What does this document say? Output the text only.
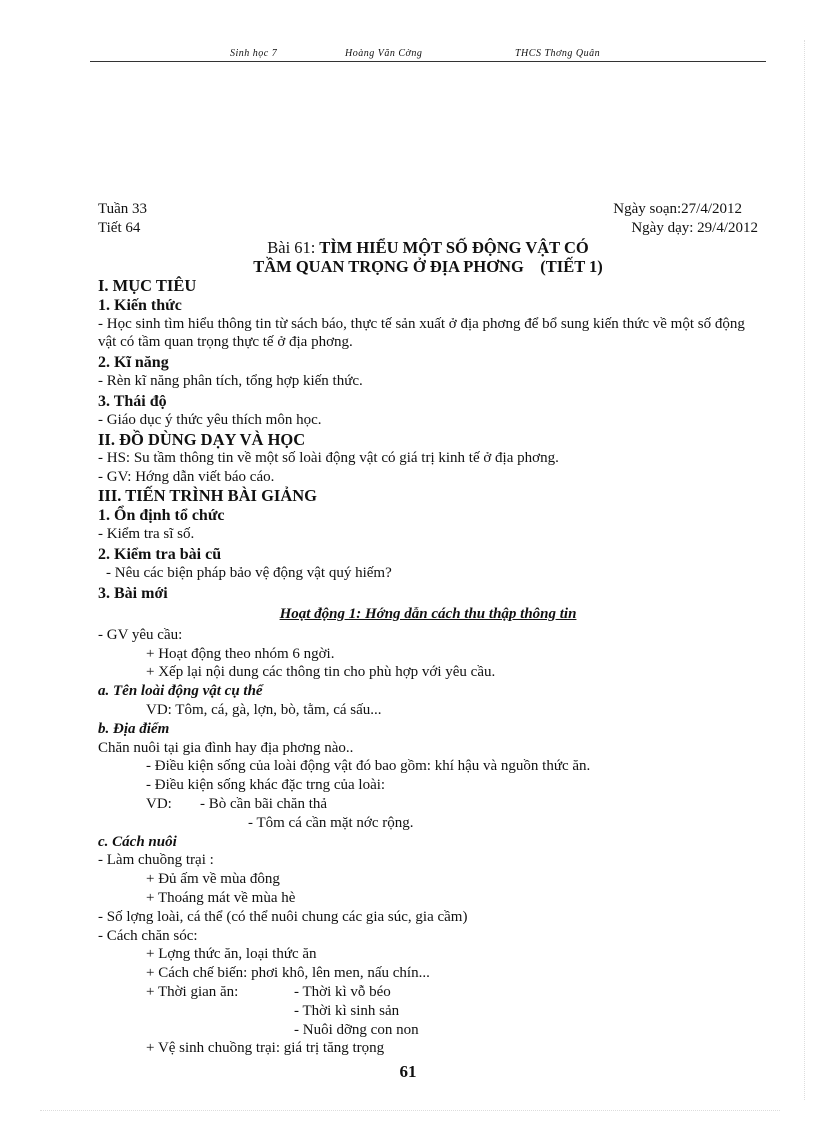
Sinh học 7	Hoàng Văn Cờng	THCS Thơng Quân
Tuần 33	Ngày soạn:27/4/2012
Tiết 64	Ngày dạy: 29/4/2012
Bài 61: TÌM HIỂU MỘT SỐ ĐỘNG VẬT CÓ
TẦM QUAN TRỌNG Ở ĐỊA PHƠNG    (TIẾT 1)
I. MỤC TIÊU
1. Kiến thức
- Học sinh tìm hiểu thông tin từ sách báo, thực tế sản xuất ở địa phơng để bổ sung kiến thức về một số động vật có tầm quan trọng thực tế ở địa phơng.
2. Kĩ năng
- Rèn kĩ năng phân tích, tổng hợp kiến thức.
3. Thái độ
- Giáo dục ý thức yêu thích môn học.
II. ĐỒ DÙNG DẠY VÀ HỌC
- HS: Su tầm thông tin về một số loài động vật có giá trị kinh tế ở địa phơng.
- GV: Hớng dẫn viết báo cáo.
III. TIẾN TRÌNH BÀI GIẢNG
1. Ổn định tổ chức
- Kiểm tra sĩ số.
2. Kiểm tra bài cũ
- Nêu các biện pháp bảo vệ động vật quý hiếm?
3. Bài mới
Hoạt động 1: Hớng dẫn cách thu thập thông tin
- GV yêu cầu:
+ Hoạt động theo nhóm 6 ngời.
+ Xếp lại nội dung các thông tin cho phù hợp với yêu cầu.
a. Tên loài động vật cụ thể
VD: Tôm, cá, gà, lợn, bò, tằm, cá sấu...
b. Địa điểm
Chăn nuôi tại gia đình hay địa phơng nào..
- Điều kiện sống của loài động vật đó bao gồm: khí hậu và nguồn thức ăn.
- Điều kiện sống khác đặc trng của loài:
VD:	- Bò cần bãi chăn thả
- Tôm cá cần mặt nớc rộng.
c. Cách nuôi
- Làm chuồng trại :
+ Đủ ấm về mùa đông
+ Thoáng mát về mùa hè
- Số lợng loài, cá thể (có thể nuôi chung các gia súc, gia cầm)
- Cách chăn sóc:
+ Lợng thức ăn, loại thức ăn
+ Cách chế biến: phơi khô, lên men, nấu chín...
+ Thời gian ăn:	- Thời kì vỗ béo
- Thời kì sinh sản
- Nuôi dỡng con non
+ Vệ sinh chuồng trại: giá trị tăng trọng
61
